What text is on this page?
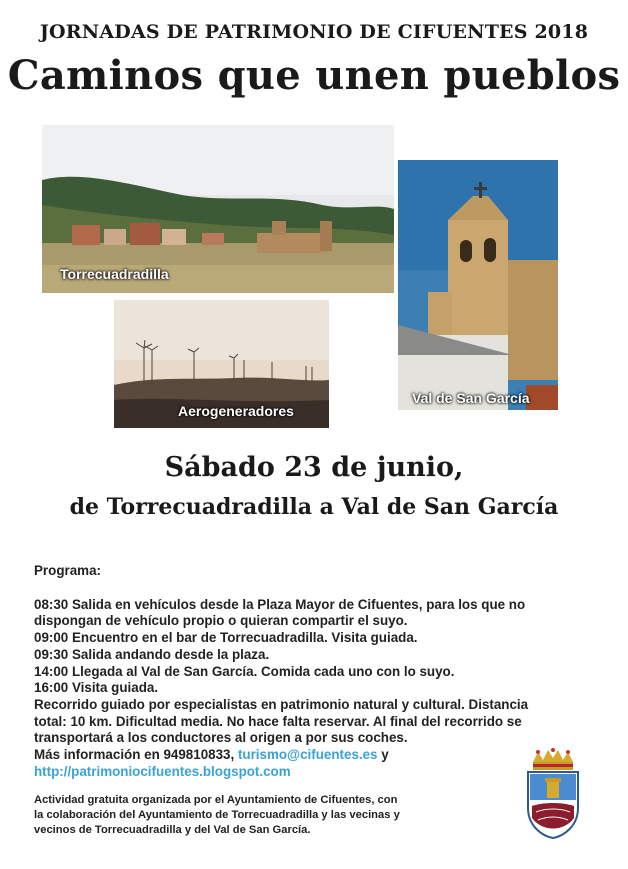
JORNADAS DE PATRIMONIO DE CIFUENTES 2018
Caminos que unen pueblos
Torrecuadradilla
Val de San García
Aerogeneradores
Sábado 23 de junio,
de Torrecuadradilla a Val de San García
Programa:
08:30 Salida en vehículos desde la Plaza Mayor de Cifuentes, para los que no
dispongan de vehículo propio o quieran compartir el suyo.
09:00 Encuentro en el bar de Torrecuadradilla. Visita guiada.
09:30 Salida andando desde la plaza.
14:00 Llegada al Val de San García. Comida cada uno con lo suyo.
16:00 Visita guiada.
Recorrido guiado por especialistas en patrimonio natural y cultural. Distancia
total: 10 km. Dificultad media. No hace falta reservar. Al final del recorrido se
transportará a los conductores al origen a por sus coches.
Más información en 949810833, turismo@cifuentes.es y
http://patrimoniocifuentes.blogspot.com
Actividad gratuita organizada por el Ayuntamiento de Cifuentes, con
la colaboración del Ayuntamiento de Torrecuadradilla y las vecinas y
vecinos de Torrecuadradilla y del Val de San García.
